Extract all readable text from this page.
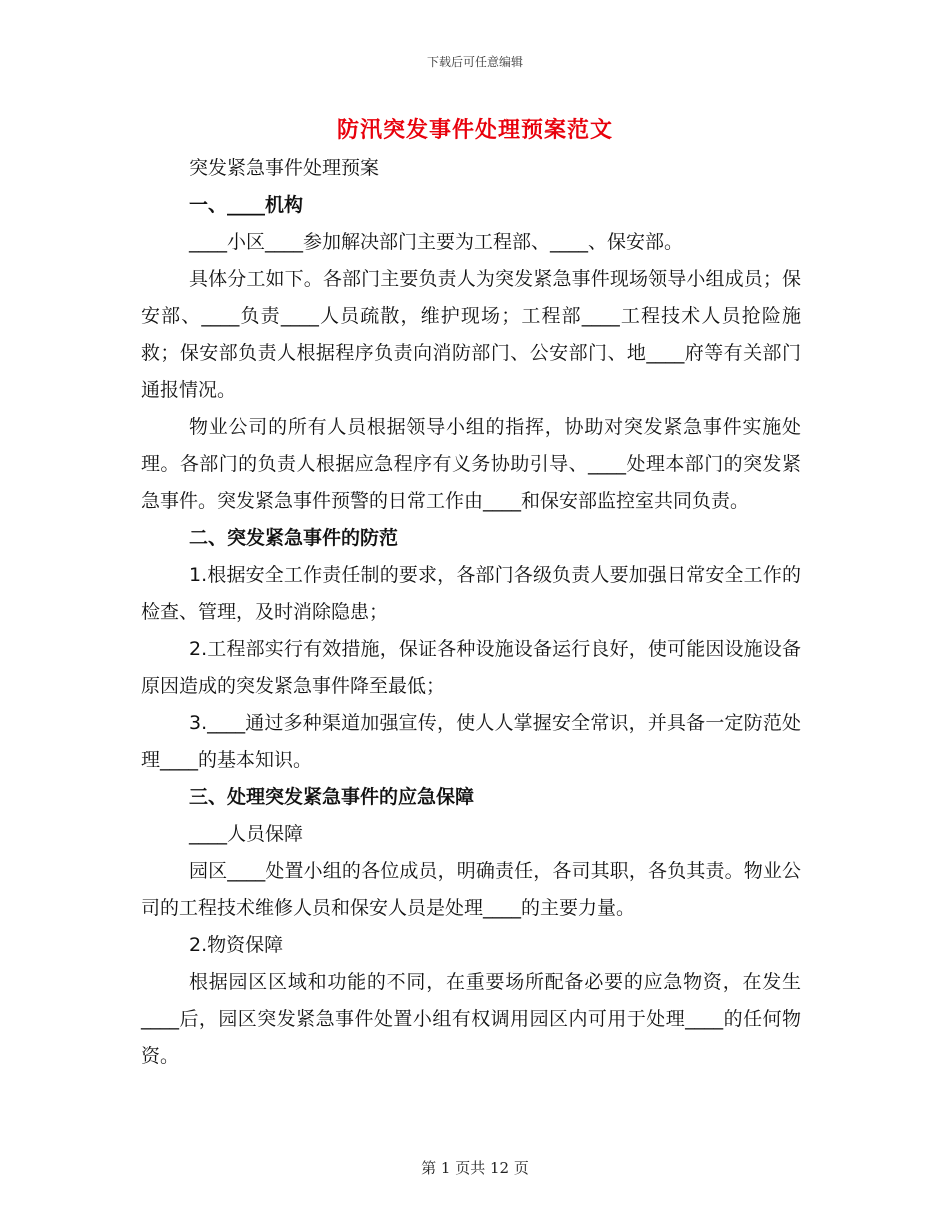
下载后可任意编辑
防汛突发事件处理预案范文

突发紧急事件处理预案

一、____机构

____小区____参加解决部门主要为工程部、____、保安部。

具体分工如下。各部门主要负责人为突发紧急事件现场领导小组成员；保安部、____负责____人员疏散，维护现场；工程部____工程技术人员抢险施救；保安部负责人根据程序负责向消防部门、公安部门、地____府等有关部门通报情况。

物业公司的所有人员根据领导小组的指挥，协助对突发紧急事件实施处理。各部门的负责人根据应急程序有义务协助引导、____处理本部门的突发紧急事件。突发紧急事件预警的日常工作由____和保安部监控室共同负责。

二、突发紧急事件的防范

1.根据安全工作责任制的要求，各部门各级负责人要加强日常安全工作的检查、管理，及时消除隐患；

2.工程部实行有效措施，保证各种设施设备运行良好，使可能因设施设备原因造成的突发紧急事件降至最低；

3.____通过多种渠道加强宣传，使人人掌握安全常识，并具备一定防范处理____的基本知识。

三、处理突发紧急事件的应急保障

____人员保障

园区____处置小组的各位成员，明确责任，各司其职，各负其责。物业公司的工程技术维修人员和保安人员是处理____的主要力量。

2.物资保障

根据园区区域和功能的不同，在重要场所配备必要的应急物资，在发生____后，园区突发紧急事件处置小组有权调用园区内可用于处理____的任何物资。

第 1 页共 12 页
